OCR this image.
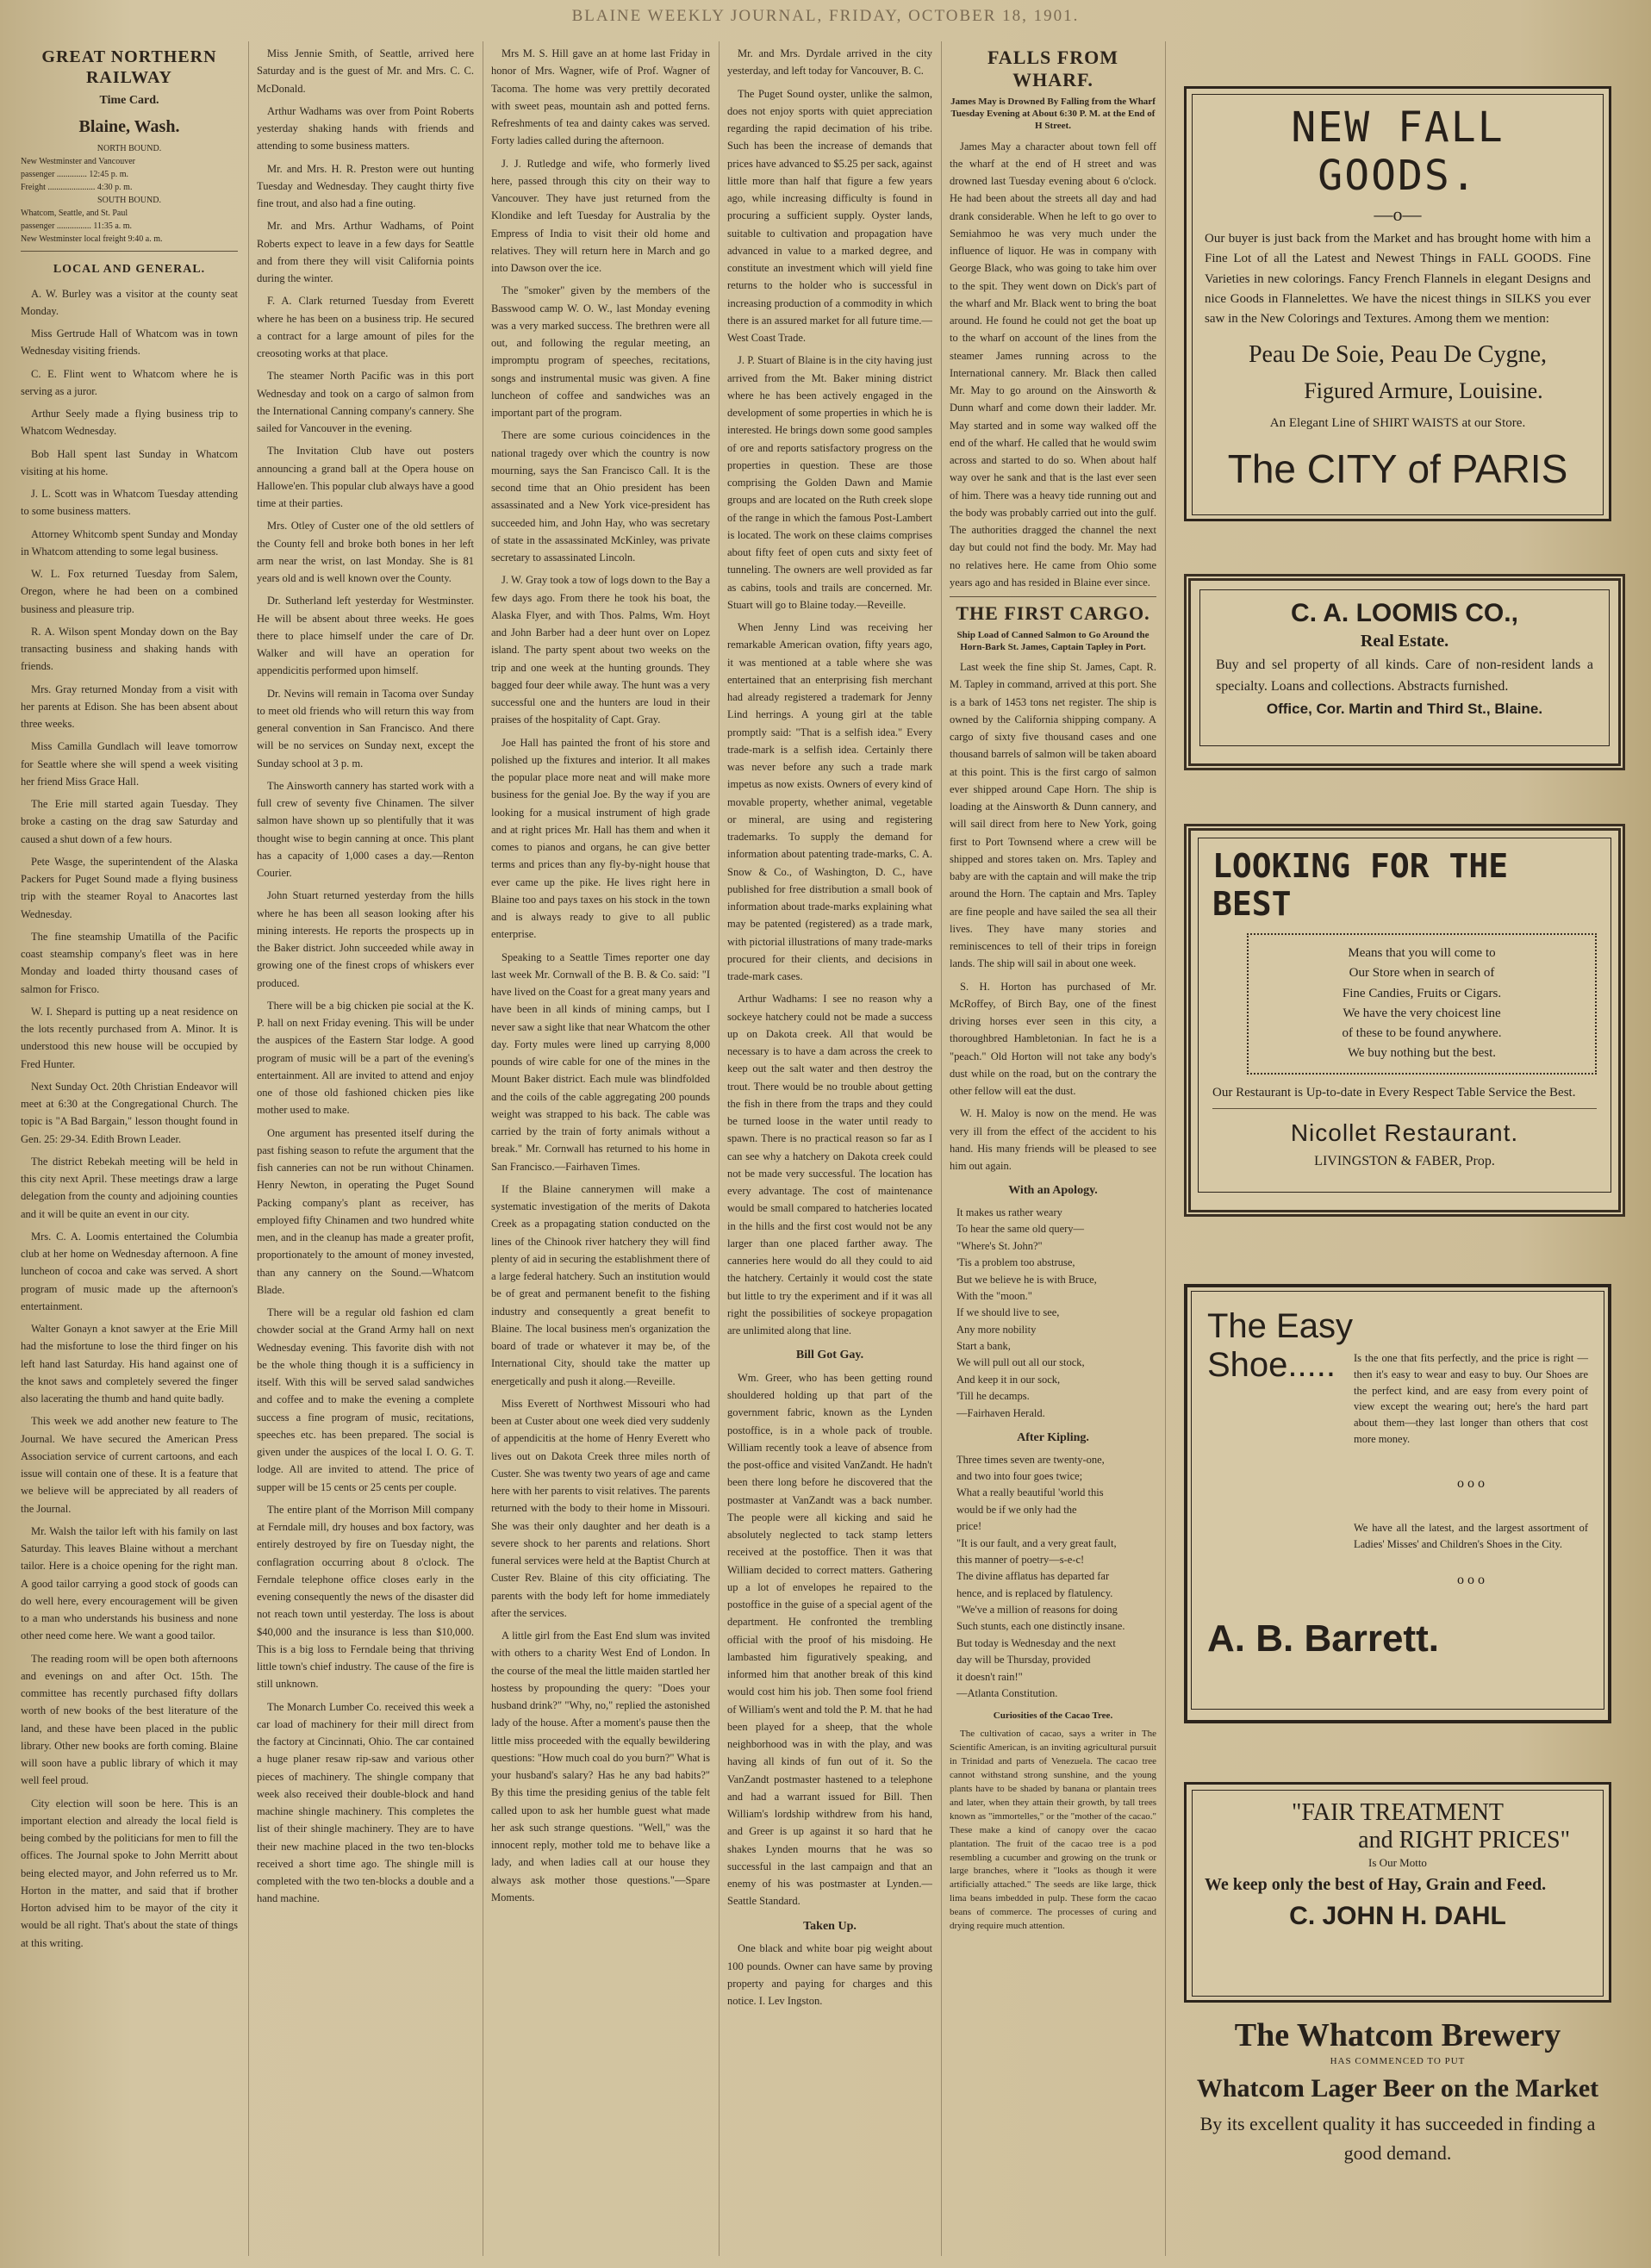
BLAINE WEEKLY JOURNAL, FRIDAY, OCTOBER 18, 1901.
GREAT NORTHERN RAILWAY
Time Card.
Blaine, Wash.
NORTH BOUND.
New Westminster and Vancouver
passenger .............. 12:45 p. m.
Freight ...................... 4:30 p. m.
SOUTH BOUND.
Whatcom, Seattle, and St. Paul
passenger ................ 11:35 a. m.
New Westminster local freight 9:40 a. m.
LOCAL AND GENERAL.

A. W. Burley was a visitor at the county seat Monday.

Miss Gertrude Hall of Whatcom was in town Wednesday visiting friends.

C. E. Flint went to Whatcom where he is serving as a juror.

Arthur Seely made a flying business trip to Whatcom Wednesday.

Bob Hall spent last Sunday in Whatcom visiting at his home.

J. L. Scott was in Whatcom Tuesday attending to some business matters.

Attorney Whitcomb spent Sunday and Monday in Whatcom attending to some legal business.

W. L. Fox returned Tuesday from Salem, Oregon, where he had been on a combined business and pleasure trip.

R. A. Wilson spent Monday down on the Bay transacting business and shaking hands with friends.

Mrs. Gray returned Monday from a visit with her parents at Edison. She has been absent about three weeks.

Miss Camilla Gundlach will leave tomorrow for Seattle where she will spend a week visiting her friend Miss Grace Hall.

The Erie mill started again Tuesday. They broke a casting on the drag saw Saturday and caused a shut down of a few hours.

Pete Wasge, the superintendent of the Alaska Packers for Puget Sound made a flying business trip with the steamer Royal to Anacortes last Wednesday.

The fine steamship Umatilla of the Pacific coast steamship company's fleet was in here Monday and loaded thirty thousand cases of salmon for Frisco.

W. I. Shepard is putting up a neat residence on the lots recently purchased from A. Minor. It is understood this new house will be occupied by Fred Hunter.

Next Sunday Oct. 20th Christian Endeavor will meet at 6:30 at the Congregational Church. The topic is "A Bad Bargain," lesson thought found in Gen. 25: 29-34. Edith Brown Leader.

The district Rebekah meeting will be held in this city next April. These meetings draw a large delegation from the county and adjoining counties and it will be quite an event in our city.

Mrs. C. A. Loomis entertained the Columbia club at her home on Wednesday afternoon. A fine luncheon of cocoa and cake was served. A short program of music made up the afternoon's entertainment.

Walter Gonayn a knot sawyer at the Erie Mill had the misfortune to lose the third finger on his left hand last Saturday. His hand against one of the knot saws and completely severed the finger also lacerating the thumb and hand quite badly.

This week we add another new feature to The Journal. We have secured the American Press Association service of current cartoons, and each issue will contain one of these. It is a feature that we believe will be appreciated by all readers of the Journal.

Mr. Walsh the tailor left with his family on last Saturday. This leaves Blaine without a merchant tailor. Here is a choice opening for the right man. A good tailor carrying a good stock of goods can do well here, every encouragement will be given to a man who understands his business and none other need come here. We want a good tailor.

The reading room will be open both afternoons and evenings on and after Oct. 15th. The committee has recently purchased fifty dollars worth of new books of the best literature of the land, and these have been placed in the public library. Other new books are forth coming. Blaine will soon have a public library of which it may well feel proud.

City election will soon be here. This is an important election and already the local field is being combed by the politicians for men to fill the offices. The Journal spoke to John Merritt about being elected mayor, and John referred us to Mr. Horton in the matter, and said that if brother Horton advised him to be mayor of the city it would be all right. That's about the state of things at this writing.

Miss Jennie Smith, of Seattle, arrived here Saturday and is the guest of Mr. and Mrs. C. C. McDonald.

Arthur Wadhams was over from Point Roberts yesterday shaking hands with friends and attending to some business matters.

Mr. and Mrs. H. R. Preston were out hunting Tuesday and Wednesday. They caught thirty five fine trout, and also had a fine outing.

Mr. and Mrs. Arthur Wadhams, of Point Roberts expect to leave in a few days for Seattle and from there they will visit California points during the winter.

F. A. Clark returned Tuesday from Everett where he has been on a business trip. He secured a contract for a large amount of piles for the creosoting works at that place.

The steamer North Pacific was in this port Wednesday and took on a cargo of salmon from the International Canning company's cannery. She sailed for Vancouver in the evening.

The Invitation Club have out posters announcing a grand ball at the Opera house on Hallowe'en. This popular club always have a good time at their parties.

Mrs. Otley of Custer one of the old settlers of the County fell and broke both bones in her left arm near the wrist, on last Monday. She is 81 years old and is well known over the County.

Dr. Sutherland left yesterday for Westminster. He will be absent about three weeks. He goes there to place himself under the care of Dr. Walker and will have an operation for appendicitis performed upon himself.

Dr. Nevins will remain in Tacoma over Sunday to meet old friends who will return this way from general convention in San Francisco. And there will be no services on Sunday next, except the Sunday school at 3 p. m.

The Ainsworth cannery has started work with a full crew of seventy five Chinamen. The silver salmon have shown up so plentifully that it was thought wise to begin canning at once. This plant has a capacity of 1,000 cases a day.—Renton Courier.

John Stuart returned yesterday from the hills where he has been all season looking after his mining interests. He reports the prospects up in the Baker district. John succeeded while away in growing one of the finest crops of whiskers ever produced.

There will be a big chicken pie social at the K. P. hall on next Friday evening. This will be under the auspices of the Eastern Star lodge. A good program of music will be a part of the evening's entertainment. All are invited to attend and enjoy one of those old fashioned chicken pies like mother used to make.

One argument has presented itself during the past fishing season to refute the argument that the fish canneries can not be run without Chinamen. Henry Newton, in operating the Puget Sound Packing company's plant as receiver, has employed fifty Chinamen and two hundred white men, and in the cleanup has made a greater profit, proportionately to the amount of money invested, than any cannery on the Sound.—Whatcom Blade.

There will be a regular old fashion ed clam chowder social at the Grand Army hall on next Wednesday evening. This favorite dish with not be the whole thing though it is a sufficiency in itself. With this will be served salad sandwiches and coffee and to make the evening a complete success a fine program of music, recitations, speeches etc. has been prepared. The social is given under the auspices of the local I. O. G. T. lodge. All are invited to attend. The price of supper will be 15 cents or 25 cents per couple.

The entire plant of the Morrison Mill company at Ferndale mill, dry houses and box factory, was entirely destroyed by fire on Tuesday night, the conflagration occurring about 8 o'clock. The Ferndale telephone office closes early in the evening consequently the news of the disaster did not reach town until yesterday. The loss is about $40,000 and the insurance is less than $10,000. This is a big loss to Ferndale being that thriving little town's chief industry. The cause of the fire is still unknown.

The Monarch Lumber Co. received this week a car load of machinery for their mill direct from the factory at Cincinnati, Ohio. The car contained a huge planer resaw rip-saw and various other pieces of machinery. The shingle company that week also received their double-block and hand machine shingle machinery. This completes the list of their shingle machinery. They are to have their new machine placed in the two ten-blocks received a short time ago. The shingle mill is completed with the two ten-blocks a double and a hand machine.

Mrs M. S. Hill gave an at home last Friday in honor of Mrs. Wagner, wife of Prof. Wagner of Tacoma. The home was very prettily decorated with sweet peas, mountain ash and potted ferns. Refreshments of tea and dainty cakes was served. Forty ladies called during the afternoon.

J. J. Rutledge and wife, who formerly lived here, passed through this city on their way to Vancouver. They have just returned from the Klondike and left Tuesday for Australia by the Empress of India to visit their old home and relatives. They will return here in March and go into Dawson over the ice.

The "smoker" given by the members of the Basswood camp W. O. W., last Monday evening was a very marked success. The brethren were all out, and following the regular meeting, an impromptu program of speeches, recitations, songs and instrumental music was given. A fine luncheon of coffee and sandwiches was an important part of the program.

There are some curious coincidences in the national tragedy over which the country is now mourning, says the San Francisco Call. It is the second time that an Ohio president has been assassinated and a New York vice-president has succeeded him, and John Hay, who was secretary of state in the assassinated McKinley, was private secretary to assassinated Lincoln.

J. W. Gray took a tow of logs down to the Bay a few days ago. From there he took his boat, the Alaska Flyer, and with Thos. Palms, Wm. Hoyt and John Barber had a deer hunt over on Lopez island. The party spent about two weeks on the trip and one week at the hunting grounds. They bagged four deer while away. The hunt was a very successful one and the hunters are loud in their praises of the hospitality of Capt. Gray.

Joe Hall has painted the front of his store and polished up the fixtures and interior. It all makes the popular place more neat and will make more business for the genial Joe. By the way if you are looking for a musical instrument of high grade and at right prices Mr. Hall has them and when it comes to pianos and organs, he can give better terms and prices than any fly-by-night house that ever came up the pike. He lives right here in Blaine too and pays taxes on his stock in the town and is always ready to give to all public enterprise.

Speaking to a Seattle Times reporter one day last week Mr. Cornwall of the B. B. & Co. said: "I have lived on the Coast for a great many years and have been in all kinds of mining camps, but I never saw a sight like that near Whatcom the other day. Forty mules were lined up carrying 8,000 pounds of wire cable for one of the mines in the Mount Baker district. Each mule was blindfolded and the coils of the cable aggregating 200 pounds weight was strapped to his back. The cable was carried by the train of forty animals without a break." Mr. Cornwall has returned to his home in San Francisco.—Fairhaven Times.

If the Blaine cannerymen will make a systematic investigation of the merits of Dakota Creek as a propagating station conducted on the lines of the Chinook river hatchery they will find plenty of aid in securing the establishment there of a large federal hatchery. Such an institution would be of great and permanent benefit to the fishing industry and consequently a great benefit to Blaine. The local business men's organization the board of trade or whatever it may be, of the International City, should take the matter up energetically and push it along.—Reveille.

Miss Everett of Northwest Missouri who had been at Custer about one week died very suddenly of appendicitis at the home of Henry Everett who lives out on Dakota Creek three miles north of Custer. She was twenty two years of age and came here with her parents to visit relatives. The parents returned with the body to their home in Missouri. She was their only daughter and her death is a severe shock to her parents and relations. Short funeral services were held at the Baptist Church at Custer Rev. Blaine of this city officiating. The parents with the body left for home immediately after the services.

A little girl from the East End slum was invited with others to a charity West End of London. In the course of the meal the little maiden startled her hostess by propounding the query: "Does your husband drink?" "Why, no," replied the astonished lady of the house. After a moment's pause then the little miss proceeded with the equally bewildering questions: "How much coal do you burn?" What is your husband's salary? Has he any bad habits?" By this time the presiding genius of the table felt called upon to ask her humble guest what made her ask such strange questions. "Well," was the innocent reply, mother told me to behave like a lady, and when ladies call at our house they always ask mother those questions."—Spare Moments.

Mr. and Mrs. Dyrdale arrived in the city yesterday, and left today for Vancouver, B. C.

The Puget Sound oyster, unlike the salmon, does not enjoy sports with quiet appreciation regarding the rapid decimation of his tribe. Such has been the increase of demands that prices have advanced to $5.25 per sack, against little more than half that figure a few years ago, while increasing difficulty is found in procuring a sufficient supply. Oyster lands, suitable to cultivation and propagation have advanced in value to a marked degree, and constitute an investment which will yield fine returns to the holder who is successful in increasing production of a commodity in which there is an assured market for all future time.—West Coast Trade.

J. P. Stuart of Blaine is in the city having just arrived from the Mt. Baker mining district where he has been actively engaged in the development of some properties in which he is interested. He brings down some good samples of ore and reports satisfactory progress on the properties in question. These are those comprising the Golden Dawn and Mamie groups and are located on the Ruth creek slope of the range in which the famous Post-Lambert is located. The work on these claims comprises about fifty feet of open cuts and sixty feet of tunneling. The owners are well provided as far as cabins, tools and trails are concerned. Mr. Stuart will go to Blaine today.—Reveille.

When Jenny Lind was receiving her remarkable American ovation, fifty years ago, it was mentioned at a table where she was entertained that an enterprising fish merchant had already registered a trademark for Jenny Lind herrings. A young girl at the table promptly said: "That is a selfish idea." Every trade-mark is a selfish idea. Certainly there was never before any such a trade mark impetus as now exists. Owners of every kind of movable property, whether animal, vegetable or mineral, are using and registering trademarks. To supply the demand for information about patenting trade-marks, C. A. Snow & Co., of Washington, D. C., have published for free distribution a small book of information about trade-marks explaining what may be patented (registered) as a trade mark, with pictorial illustrations of many trade-marks procured for their clients, and decisions in trade-mark cases.

Arthur Wadhams: I see no reason why a sockeye hatchery could not be made a success up on Dakota creek. All that would be necessary is to have a dam across the creek to keep out the salt water and then destroy the trout. There would be no trouble about getting the fish in there from the traps and they could be turned loose in the water until ready to spawn. There is no practical reason so far as I can see why a hatchery on Dakota creek could not be made very successful. The location has every advantage. The cost of maintenance would be small compared to hatcheries located in the hills and the first cost would not be any larger than one placed farther away. The canneries here would do all they could to aid the hatchery. Certainly it would cost the state but little to try the experiment and if it was all right the possibilities of sockeye propagation are unlimited along that line.

Bill Got Gay.

Wm. Greer, who has been getting round shouldered holding up that part of the government fabric, known as the Lynden postoffice, is in a whole pack of trouble. William recently took a leave of absence from the post-office and visited VanZandt. He hadn't been there long before he discovered that the postmaster at VanZandt was a back number. The people were all kicking and said he absolutely neglected to tack stamp letters received at the postoffice. Then it was that William decided to correct matters. Gathering up a lot of envelopes he repaired to the postoffice in the guise of a special agent of the department. He confronted the trembling official with the proof of his misdoing. He lambasted him figuratively speaking, and informed him that another break of this kind would cost him his job. Then some fool friend of William's went and told the P. M. that he had been played for a sheep, that the whole neighborhood was in with the play, and was having all kinds of fun out of it. So the VanZandt postmaster hastened to a telephone and had a warrant issued for Bill. Then William's lordship withdrew from his hand, and Greer is up against it so hard that he shakes Lynden mourns that he was so successful in the last campaign and that an enemy of his was postmaster at Lynden.—Seattle Standard.

Taken Up.

One black and white boar pig weight about 100 pounds. Owner can have same by proving property and paying for charges and this notice. I. Lev Ingston.

FALLS FROM WHARF.
James May is Drowned By Falling from the Wharf Tuesday Evening at About 6:30 P. M. at the End of H Street.

James May a character about town fell off the wharf at the end of H street and was drowned last Tuesday evening about 6 o'clock. He had been about the streets all day and had drank considerable. When he left to go over to Semiahmoo he was very much under the influence of liquor. He was in company with George Black, who was going to take him over to the spit. They went down on Dick's part of the wharf and Mr. Black went to bring the boat around. He found he could not get the boat up to the wharf on account of the lines from the steamer James running across to the International cannery. Mr. Black then called Mr. May to go around on the Ainsworth & Dunn wharf and come down their ladder. Mr. May started and in some way walked off the end of the wharf. He called that he would swim across and started to do so. When about half way over he sank and that is the last ever seen of him. There was a heavy tide running out and the body was probably carried out into the gulf. The authorities dragged the channel the next day but could not find the body. Mr. May had no relatives here. He came from Ohio some years ago and has resided in Blaine ever since.

THE FIRST CARGO.
Ship Load of Canned Salmon to Go Around the Horn-Bark St. James, Captain Tapley in Port.

Last week the fine ship St. James, Capt. R. M. Tapley in command, arrived at this port. She is a bark of 1453 tons net register. The ship is owned by the California shipping company. A cargo of sixty five thousand cases and one thousand barrels of salmon will be taken aboard at this point. This is the first cargo of salmon ever shipped around Cape Horn. The ship is loading at the Ainsworth & Dunn cannery, and will sail direct from here to New York, going first to Port Townsend where a crew will be shipped and stores taken on. Mrs. Tapley and baby are with the captain and will make the trip around the Horn. The captain and Mrs. Tapley are fine people and have sailed the sea all their lives. They have many stories and reminiscences to tell of their trips in foreign lands. The ship will sail in about one week.

S. H. Horton has purchased of Mr. McRoffey, of Birch Bay, one of the finest driving horses ever seen in this city, a thoroughbred Hambletonian. In fact he is a "peach." Old Horton will not take any body's dust while on the road, but on the contrary the other fellow will eat the dust.

W. H. Maloy is now on the mend. He was very ill from the effect of the accident to his hand. His many friends will be pleased to see him out again.

With an Apology.
It makes us rather weary
To hear the same old query—
"Where's St. John?"
'Tis a problem too abstruse,
But we believe he is with Bruce,
With the "moon."
If we should live to see,
Any more nobility
Start a bank,
We will pull out all our stock,
And keep it in our sock,
'Till he decamps.
—Fairhaven Herald.
After Kipling.
Three times seven are twenty-one,
and two into four goes twice;
What a really beautiful 'world this
would be if we only had the
price!
"It is our fault, and a very great fault,
this manner of poetry—s-e-c!
The divine afflatus has departed far
hence, and is replaced by flatulency.
"We've a million of reasons for doing
Such stunts, each one distinctly insane.
But today is Wednesday and the next
day will be Thursday, provided
it doesn't rain!"
—Atlanta Constitution.
Curiosities of the Cacao Tree.

The cultivation of cacao, says a writer in The Scientific American, is an inviting agricultural pursuit in Trinidad and parts of Venezuela. The cacao tree cannot withstand strong sunshine, and the young plants have to be shaded by banana or plantain trees and later, when they attain their growth, by tall trees known as "immortelles," or the "mother of the cacao." These make a kind of canopy over the cacao plantation. The fruit of the cacao tree is a pod resembling a cucumber and growing on the trunk or large branches, where it "looks as though it were artificially attached." The seeds are like large, thick lima beans imbedded in pulp. These form the cacao beans of commerce. The processes of curing and drying require much attention.

NEW FALL GOODS.
—o—
Our buyer is just back from the Market and has brought home with him a Fine Lot of all the Latest and Newest Things in FALL GOODS. Fine Varieties in new colorings. Fancy French Flannels in elegant Designs and nice Goods in Flannelettes. We have the nicest things in SILKS you ever saw in the New Colorings and Textures. Among them we mention:
Peau De Soie, Peau De Cygne,
Figured Armure, Louisine.
An Elegant Line of SHIRT WAISTS at our Store.
The CITY of PARIS
C. A. LOOMIS CO.,
Real Estate.
Buy and sel property of all kinds. Care of non-resident lands a specialty. Loans and collections. Abstracts furnished.
Office, Cor. Martin and Third St., Blaine.
LOOKING FOR THE BEST
Means that you will come to
Our Store when in search of
Fine Candies, Fruits or Cigars.
We have the very choicest line
of these to be found anywhere.
We buy nothing but the best.
Our Restaurant is Up-to-date in Every Respect Table Service the Best.
Nicollet Restaurant.
LIVINGSTON & FABER, Prop.
The Easy Shoe.....	Is the one that fits perfectly, and the price is right —then it's easy to wear and easy to buy. Our Shoes are the perfect kind, and are easy from every point of view except the wearing out; here's the hard part about them—they last longer than others that cost more money.
o o o
We have all the latest, and the largest assortment of Ladies' Misses' and Children's Shoes in the City.
o o o
A. B. Barrett.
"FAIR TREATMENT
and RIGHT PRICES"
Is Our Motto
We keep only the best of Hay, Grain and Feed.
C. JOHN H. DAHL
The Whatcom Brewery
HAS COMMENCED TO PUT
Whatcom Lager Beer on the Market
By its excellent quality it has succeeded in finding a good demand.
